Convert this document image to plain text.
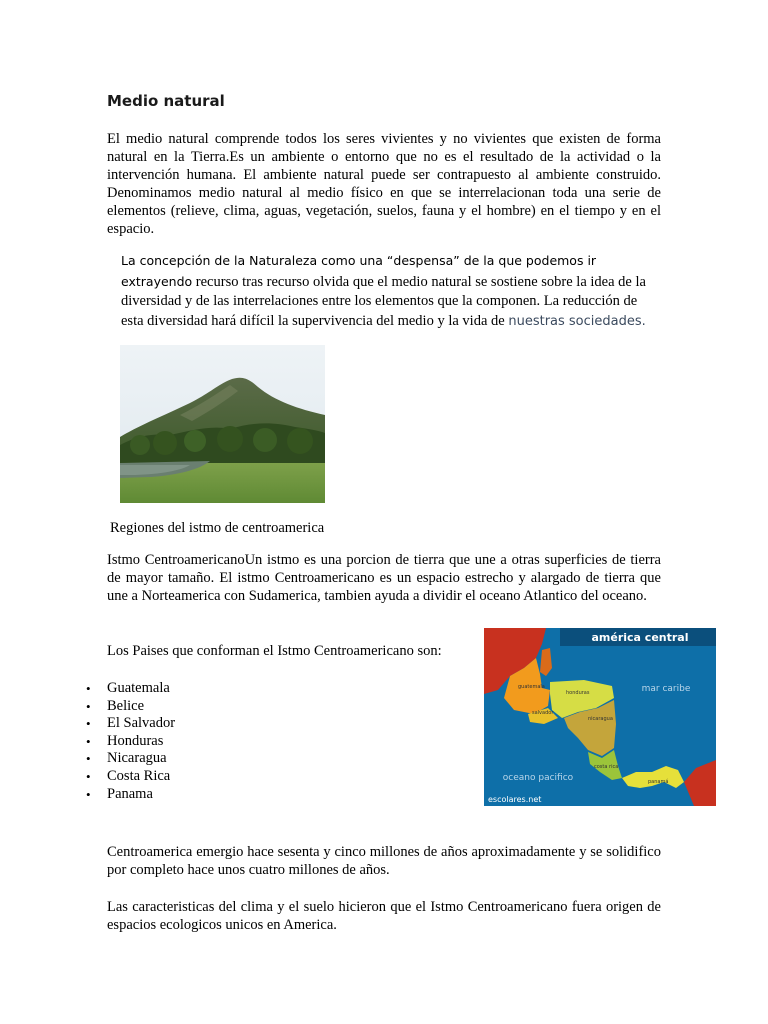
Medio natural

El medio natural comprende todos los seres vivientes y no vivientes que existen de forma natural en la Tierra.Es un ambiente o entorno que no es el resultado de la actividad o la intervención humana. El ambiente natural puede ser contrapuesto al ambiente construido. Denominamos medio natural al medio físico en que se interrelacionan toda una serie de elementos (relieve, clima, aguas, vegetación, suelos, fauna y el hombre) en el tiempo y en el espacio.

La concepción de la Naturaleza como una “despensa” de la que podemos ir extrayendo recurso tras recurso olvida que el medio natural se sostiene sobre la idea de la diversidad y de las interrelaciones entre los elementos que la componen. La reducción de esta diversidad hará difícil la supervivencia del medio y la vida de nuestras sociedades.

Regiones del istmo de centroamerica

Istmo CentroamericanoUn istmo es una porcion de tierra que une a otras superficies de tierra de mayor tamaño. El istmo Centroamericano es un espacio estrecho y alargado de tierra que une a Norteamerica con Sudamerica, tambien ayuda a dividir el oceano Atlantico del oceano.

Los Paises que conforman el Istmo Centroamericano son:

• Guatemala
• Belice
• El Salvador
• Honduras
• Nicaragua
• Costa Rica
• Panama
américa central
mar caribe
oceano pacifico
escolares.net
guatemala
honduras
salvador
nicaragua
costa rica
panamá

Centroamerica emergio hace sesenta y cinco millones de años aproximadamente y se solidifico por completo hace unos cuatro millones de años.

Las caracteristicas del clima y el suelo hicieron que el Istmo Centroamericano fuera origen de espacios ecologicos unicos en America.
